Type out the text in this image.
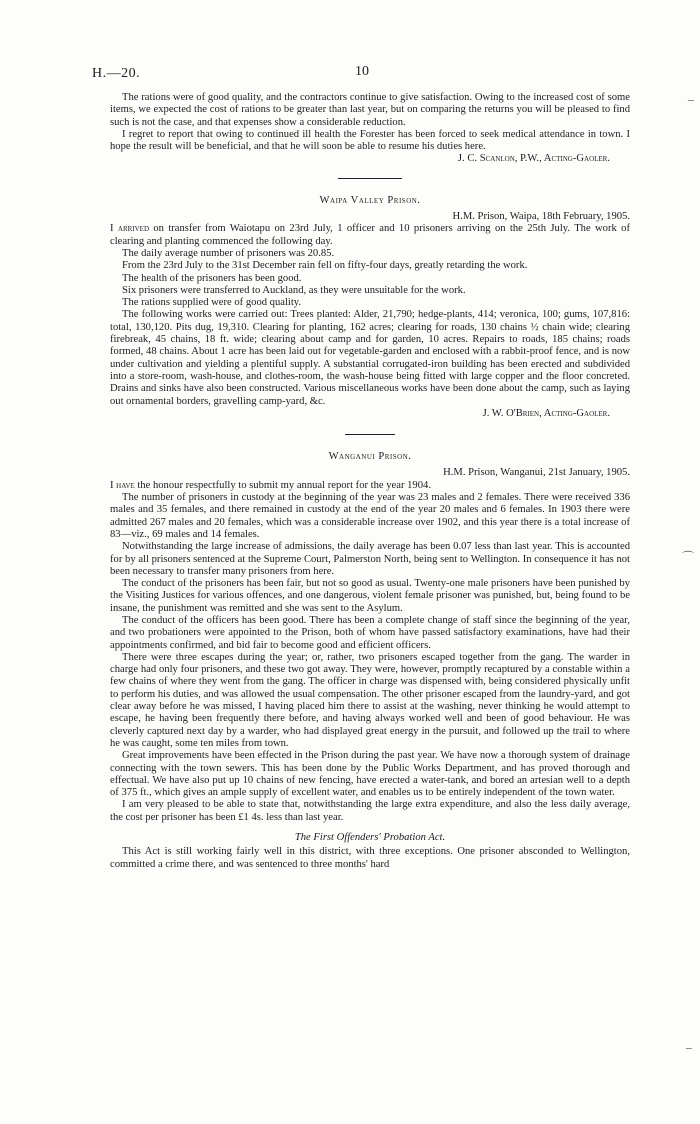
H.—20.	10
–
⌒
–

The rations were of good quality, and the contractors continue to give satisfaction. Owing to the increased cost of some items, we expected the cost of rations to be greater than last year, but on comparing the returns you will be pleased to find such is not the case, and that expenses show a considerable reduction.

I regret to report that owing to continued ill health the Forester has been forced to seek medical attendance in town. I hope the result will be beneficial, and that he will soon be able to resume his duties here.

J. C. Scanlon, P.W., Acting-Gaoler.

Waipa Valley Prison.

H.M. Prison, Waipa, 18th February, 1905.

I arrived on transfer from Waiotapu on 23rd July, 1 officer and 10 prisoners arriving on the 25th July. The work of clearing and planting commenced the following day.

The daily average number of prisoners was 20.85.

From the 23rd July to the 31st December rain fell on fifty-four days, greatly retarding the work.

The health of the prisoners has been good.

Six prisoners were transferred to Auckland, as they were unsuitable for the work.

The rations supplied were of good quality.

The following works were carried out: Trees planted: Alder, 21,790; hedge-plants, 414; veronica, 100; gums, 107,816: total, 130,120. Pits dug, 19,310. Clearing for planting, 162 acres; clearing for roads, 130 chains ½ chain wide; clearing firebreak, 45 chains, 18 ft. wide; clearing about camp and for garden, 10 acres. Repairs to roads, 185 chains; roads formed, 48 chains. About 1 acre has been laid out for vegetable-garden and enclosed with a rabbit-proof fence, and is now under cultivation and yielding a plentiful supply. A substantial corrugated-iron building has been erected and subdivided into a store-room, wash-house, and clothes-room, the wash-house being fitted with large copper and the floor concreted. Drains and sinks have also been constructed. Various miscellaneous works have been done about the camp, such as laying out ornamental borders, gravelling camp-yard, &c.

J. W. O'Brien, Acting-Gaoler.

Wanganui Prison.

H.M. Prison, Wanganui, 21st January, 1905.

I have the honour respectfully to submit my annual report for the year 1904.

The number of prisoners in custody at the beginning of the year was 23 males and 2 females. There were received 336 males and 35 females, and there remained in custody at the end of the year 20 males and 6 females. In 1903 there were admitted 267 males and 20 females, which was a considerable increase over 1902, and this year there is a total increase of 83—viz., 69 males and 14 females.

Notwithstanding the large increase of admissions, the daily average has been 0.07 less than last year. This is accounted for by all prisoners sentenced at the Supreme Court, Palmerston North, being sent to Wellington. In consequence it has not been necessary to transfer many prisoners from here.

The conduct of the prisoners has been fair, but not so good as usual. Twenty-one male prisoners have been punished by the Visiting Justices for various offences, and one dangerous, violent female prisoner was punished, but, being found to be insane, the punishment was remitted and she was sent to the Asylum.

The conduct of the officers has been good. There has been a complete change of staff since the beginning of the year, and two probationers were appointed to the Prison, both of whom have passed satisfactory examinations, have had their appointments confirmed, and bid fair to become good and efficient officers.

There were three escapes during the year; or, rather, two prisoners escaped together from the gang. The warder in charge had only four prisoners, and these two got away. They were, however, promptly recaptured by a constable within a few chains of where they went from the gang. The officer in charge was dispensed with, being considered physically unfit to perform his duties, and was allowed the usual compensation. The other prisoner escaped from the laundry-yard, and got clear away before he was missed, I having placed him there to assist at the washing, never thinking he would attempt to escape, he having been frequently there before, and having always worked well and been of good behaviour. He was cleverly captured next day by a warder, who had displayed great energy in the pursuit, and followed up the trail to where he was caught, some ten miles from town.

Great improvements have been effected in the Prison during the past year. We have now a thorough system of drainage connecting with the town sewers. This has been done by the Public Works Department, and has proved thorough and effectual. We have also put up 10 chains of new fencing, have erected a water-tank, and bored an artesian well to a depth of 375 ft., which gives an ample supply of excellent water, and enables us to be entirely independent of the town water.

I am very pleased to be able to state that, notwithstanding the large extra expenditure, and also the less daily average, the cost per prisoner has been £1 4s. less than last year.

The First Offenders' Probation Act.

This Act is still working fairly well in this district, with three exceptions. One prisoner absconded to Wellington, committed a crime there, and was sentenced to three months' hard
